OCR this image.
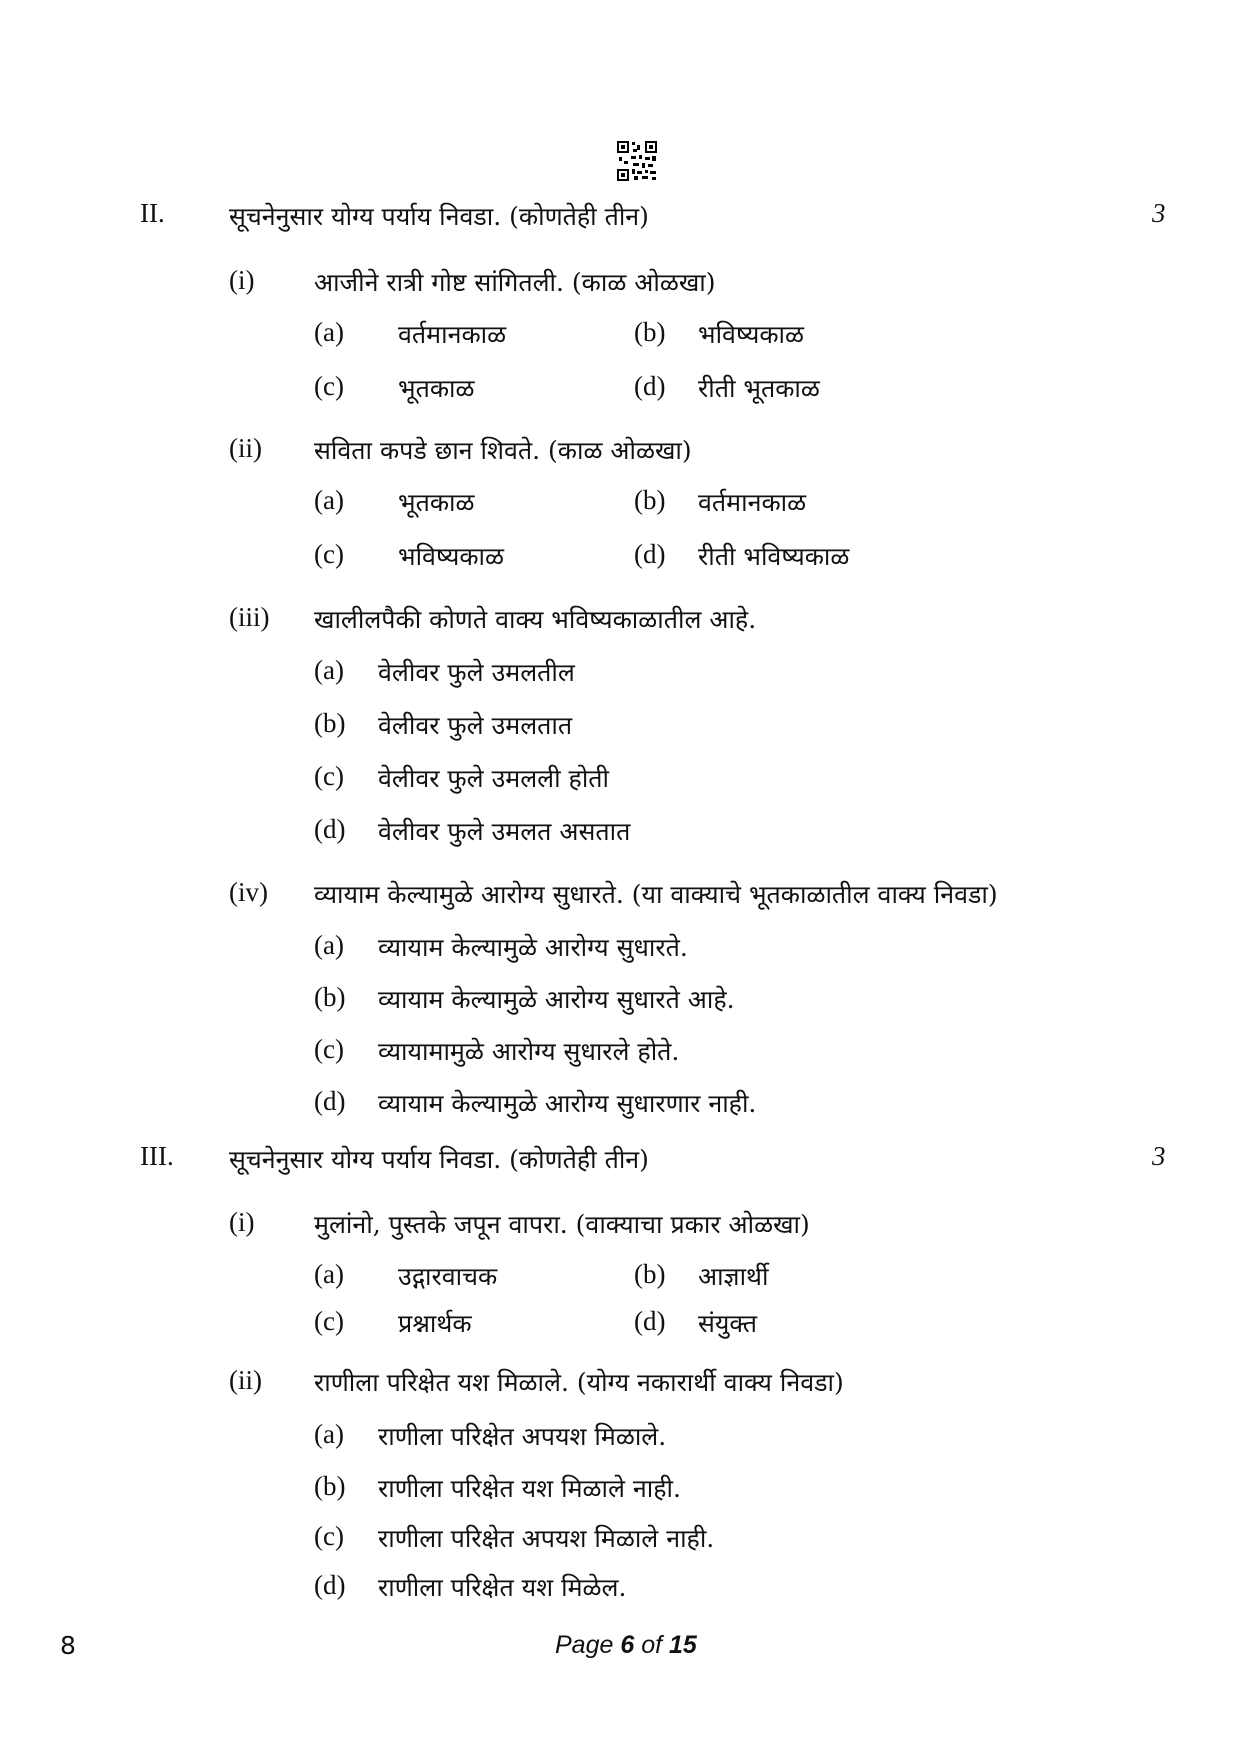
II.	सूचनेनुसार योग्य पर्याय निवडा. (कोणतेही तीन)	3
(i) आजीने रात्री गोष्ट सांगितली. (काळ ओळखा)
(a) वर्तमानकाळ	(b) भविष्यकाळ
(c) भूतकाळ	(d) रीती भूतकाळ
(ii) सविता कपडे छान शिवते. (काळ ओळखा)
(a) भूतकाळ	(b) वर्तमानकाळ
(c) भविष्यकाळ	(d) रीती भविष्यकाळ
(iii) खालीलपैकी कोणते वाक्य भविष्यकाळातील आहे.
(a) वेलीवर फुले उमलतील
(b) वेलीवर फुले उमलतात
(c) वेलीवर फुले उमलली होती
(d) वेलीवर फुले उमलत असतात
(iv) व्यायाम केल्यामुळे आरोग्य सुधारते. (या वाक्याचे भूतकाळातील वाक्य निवडा)
(a) व्यायाम केल्यामुळे आरोग्य सुधारते.
(b) व्यायाम केल्यामुळे आरोग्य सुधारते आहे.
(c) व्यायामामुळे आरोग्य सुधारले होते.
(d) व्यायाम केल्यामुळे आरोग्य सुधारणार नाही.
III. सूचनेनुसार योग्य पर्याय निवडा. (कोणतेही तीन)	3
(i) मुलांनो, पुस्तके जपून वापरा. (वाक्याचा प्रकार ओळखा)
(a) उद्गारवाचक	(b) आज्ञार्थी
(c) प्रश्नार्थक	(d) संयुक्त
(ii) राणीला परिक्षेत यश मिळाले. (योग्य नकारार्थी वाक्य निवडा)
(a) राणीला परिक्षेत अपयश मिळाले.
(b) राणीला परिक्षेत यश मिळाले नाही.
(c) राणीला परिक्षेत अपयश मिळाले नाही.
(d) राणीला परिक्षेत यश मिळेल.
8	Page 6 of 15
